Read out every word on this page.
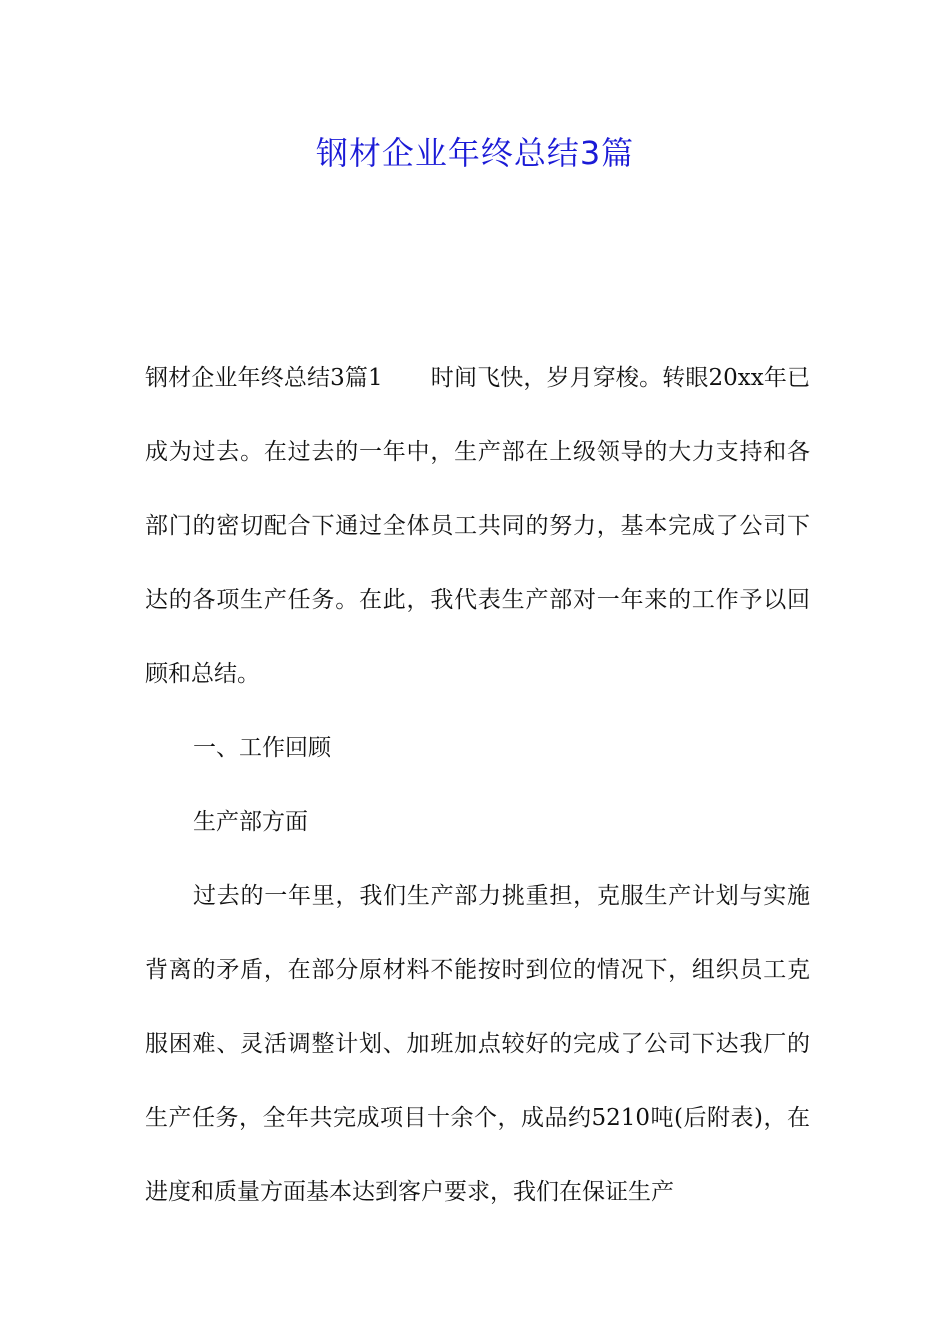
钢材企业年终总结3篇

钢材企业年终总结3篇1 时间飞快，岁月穿梭。转眼20xx年已成为过去。在过去的一年中，生产部在上级领导的大力支持和各部门的密切配合下通过全体员工共同的努力，基本完成了公司下达的各项生产任务。在此，我代表生产部对一年来的工作予以回顾和总结。

一、工作回顾

生产部方面

过去的一年里，我们生产部力挑重担，克服生产计划与实施背离的矛盾，在部分原材料不能按时到位的情况下，组织员工克服困难、灵活调整计划、加班加点较好的完成了公司下达我厂的生产任务，全年共完成项目十余个，成品约5210吨(后附表)，在进度和质量方面基本达到客户要求，我们在保证生产
